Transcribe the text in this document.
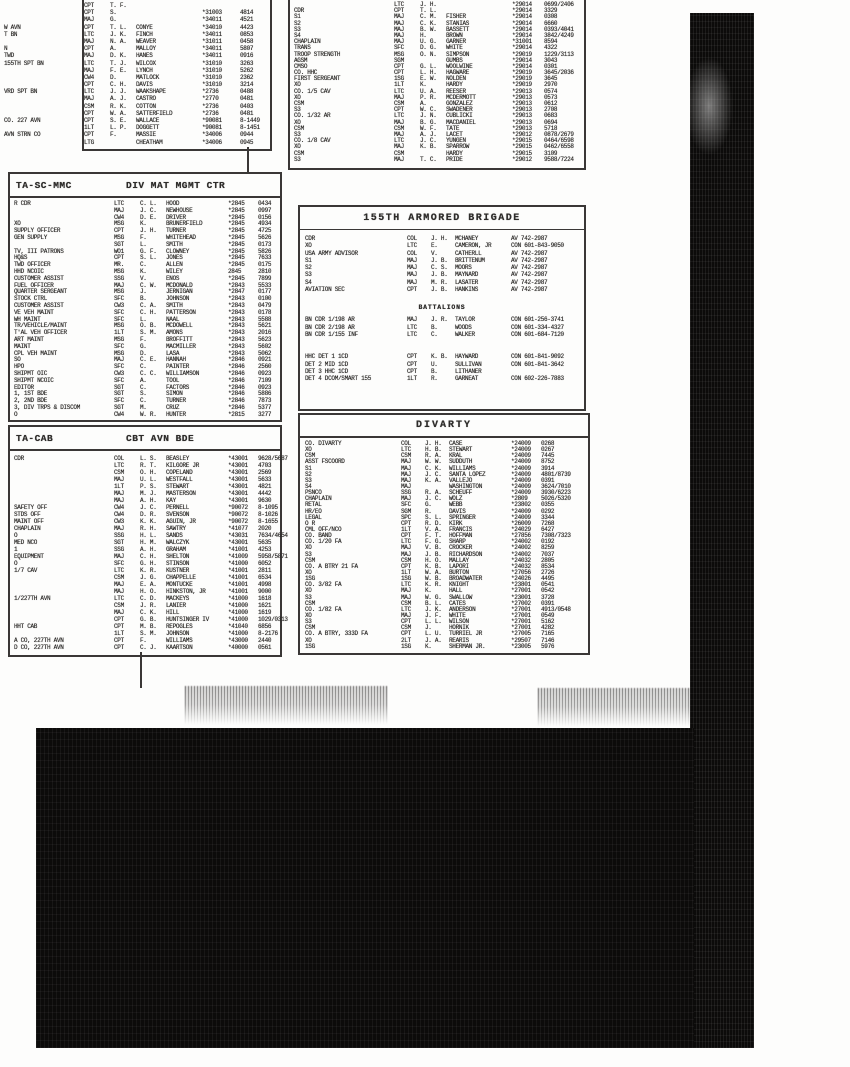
CPT	T. F.
CPT	S.	*31003	4814
MAJ	G.	*34011	4521
W AVN	CPT	T. L.	CONYE	*34010	4423
T BN	LTC	J. K.	FINCH	*34011	0853
MAJ	N. A.	WEAVER	*31011	0458
N	CPT	A.	MALLOY	*34011	5807
TWD	MAJ	D. K.	HANES	*34011	0916
155TH SPT BN	LTC	T. J.	WILCOX	*31010	3263
MAJ	F. E.	LYNCH	*31010	5262
CW4	D.	MATLOCK	*31010	2362
CPT	C. H.	DAVIS	*31010	3214
VRD SPT BN	LTC	J. J.	WAAKSHAPE	*2736	0488
MAJ	A. J.	CASTRO	*2770	0481
CSM	R. K.	COTTON	*2736	0403
CPT	W. A.	SATTERFIELD	*2736	0481
CO. 227 AVN	CPT	S. E.	WALLACE	*90081	8-1449
1LT	L. P.	DOGGETT	*90081	8-1451
AVN STRN CO	CPT	F.	MASSIE	*34006	0944
LTG	CHEATHAM	*34006	0945
LTC	J. H.	*29014	0699/2406
CDR	CPT	T. L.	*29014	3329
S1	MAJ	C. M.	FISHER	*29014	0308
S2	MAJ	C. K.	STANIAS	*29014	6660
S3	MAJ	B. W.	BASSETT	*29014	0393/4041
S4	MAJ	H.	BROWN	*29014	3842/4249
CHAPLAIN	MAJ	U. G.	GARNER	*31001	8594
TRANS	SFC	D. G.	WHITE	*29014	4322
TROOP STRENGTH	MSG	O. N.	SIMPSON	*29019	1229/3113
AGSM	SGM	GUMBS	*29014	3043
CMSO	CPT	G. L.	WOOLWINE	*29014	0301
CO. HHC	CPT	L. H.	HAGWARE	*29019	3645/2036
FIRST SERGEANT	1SG	E. W.	NOLDEN	*29019	3645
XO	1LT	K.	HARDY	*29019	2970
CO. 1/5 CAV	LTC	U. A.	REESER	*29013	0574
XO	MAJ	P. R.	MCDERMOTT	*29013	0573
CSM	CSM	A.	GONZALEZ	*29013	0612
S3	CPT	W. C.	SWADENER	*29013	2708
CO. 1/32 AR	LTC	J. N.	CUBLICKI	*29013	0683
XO	MAJ	B. G.	MACDANIEL	*29013	0694
CSM	CSM	W. F.	TATE	*29013	5718
S3	MAJ	A. J.	LACET	*29012	0878/2679
CO. 1/8 CAV	LTC	J. C.	YUNGEN	*29015	0464/6598
XO	MAJ	K. B.	SPARROW	*29015	0462/6558
CSM	CSM	HARDY	*29015	3109
S3	MAJ	T. C.	PRIDE	*29012	9588/7224
TA-SC-MMC	DIV MAT MGMT CTR
R CDR	LTC	C. L.	HOOD	*2845	0434
MAJ	J. C.	NEWHOUSE	*2845	0997
CW4	D. E.	DRIVER	*2845	0156
XO	MSG	K.	BRUNERFIELD	*2845	4934
SUPPLY OFFICER	CPT	J. H.	TURNER	*2845	4725
GEN SUPPLY	MSG	F.	WHITEHEAD	*2845	5626
SGT	L.	SMITH	*2845	0173
TV, III PATRONS	WO1	G. F.	CLOWNEY	*2845	5826
HQ&S	CPT	S. L.	JONES	*2845	7633
TWD OFFICER	MR.	C.	ALLEN	*2845	0175
HHD NCOIC	MSG	K.	WILEY	2845	2810
CUSTOMER ASSIST	SSG	V.	ENOS	*2845	7899
FUEL OFFICER	MAJ	C. W.	MCDONALD	*2843	5533
QUARTER SERGEANT	MSG	J.	JERNIGAN	*2847	0177
STOCK CTRL	SFC	B.	JOHNSON	*2843	0100
CUSTOMER ASSIST	CW3	C. A.	SMITH	*2843	0479
VE VEH MAINT	SFC	C. H.	PATTERSON	*2843	0178
WH MAINT	SFC	L.	NAAL	*2843	5588
TR/VEHICLE/MAINT	MSG	O. B.	MCDOWELL	*2843	5621
T'AL VEH OFFICER	1LT	S. M.	AMONS	*2843	2016
ART MAINT	MSG	F.	BROFFITT	*2843	5623
MAINT	SFC	G.	MACMILLER	*2843	5602
CPL VEH MAINT	MSG	D.	LASA	*2843	5062
SO	MAJ	C. E.	HANNAH	*2846	0921
HPO	SFC	C.	PAINTER	*2846	2560
SHIPMT OIC	CW3	C. C.	WILLIAMSON	*2846	0923
SHIPMT NCOIC	SFC	A.	TOOL	*2846	7109
EDITOR	SGT	C.	FACTORS	*2846	0923
1, 1ST BDE	SGT	S.	SIMON	*2846	5886
2, 2ND BDE	SFC	C.	TURNER	*2846	7873
3, DIV TRPS & DISCOM	SGT	M.	CRUZ	*2846	5377
O	CW4	W. R.	HUNTER	*2815	3277
TA-CAB	CBT AVN BDE
CDR	COL	L. S.	BEASLEY	*43001	9628/5687
LTC	R. T.	KILGORE JR	*43001	4703
CSM	O. H.	COPELAND	*43001	2569
MAJ	U. L.	WESTFALL	*43001	5633
1LT	P. S.	STEWART	*43001	4821
MAJ	M. J.	MASTERSON	*43001	4442
MAJ	A. H.	KAY	*43001	9630
SAFETY OFF	CW4	J. C.	PERNELL	*90072	8-1095
STDS OFF	CW4	D. R.	SVENSON	*90072	8-1026
MAINT OFF	CW3	K. K.	AGUIN, JR	*90072	8-1655
CHAPLAIN	MAJ	R. H.	SAWTRY	*41077	2020
O	SSG	H. L.	SANDS	*43031	7634/4654
MED NCO	SGT	H. M.	WALCZYK	*43001	5635
1	SSG	A. H.	GRAHAM	*41001	4253
EQUIPMENT	MAJ	C. H.	SHELTON	*41009	5958/5871
O	SFC	G. H.	STINSON	*41000	6052
1/7 CAV	LTC	K. R.	KUSTNER	*41001	2811
CSM	J. G.	CHAPPELLE	*41001	6534
MAJ	E. A.	MONTUCKE	*41001	4998
MAJ	H. O.	HINKSTON, JR	*41001	9000
1/227TH AVN	LTC	C. D.	MACKEYS	*41000	1618
CSM	J. R.	LANIER	*41000	1621
MAJ	C. K.	HILL	*41000	1619
CPT	G. B.	HUNTSINGER IV	*41000	1029/0313
HHT CAB	CPT	M. B.	REPOGLES	*41040	6856
1LT	S. M.	JOHNSON	*41000	8-2176
A CO, 227TH AVN	CPT	F.	WILLIAMS	*43000	2440
D CO, 227TH AVN	CPT	C. J.	KAARTSON	*40000	0561
155TH ARMORED BRIGADE
CDR	COL	J. H.	MCHANEY	AV 742-2987
XO	LTC	E.	CAMERON, JR	CON 601-843-9050
USA ARMY ADVISOR	COL	V.	CATHERLL	AV 742-2987
S1	MAJ	J. B.	BRITTENUM	AV 742-2987
S2	MAJ	C. S.	MOORS	AV 742-2987
S3	MAJ	J. B.	MAYNARD	AV 742-2987
S4	MAJ	M. R.	LASATER	AV 742-2987
AVIATION SEC	CPT	J. B.	HANKINS	AV 742-2987
BATTALIONS
BN CDR 1/198 AR	MAJ	J. R.	TAYLOR	CON 601-256-3741
BN CDR 2/198 AR	LTC	B.	WOODS	CON 601-334-4327
BN CDR 1/155 INF	LTC	C.	WALKER	CON 601-684-7120
HHC DET 1 1CD	CPT	K. B.	HAYWARD	CON 601-841-9092
DET 2 MID 1CD	CPT	U.	SULLIVAN	CON 601-841-3642
DET 3 HHC 1CD	CPT	B.	LITHANER
DET 4 DCOM/SMART 155	1LT	R.	GARNEAT	CON 602-226-7883
DIVARTY
CO. DIVARTY	COL	J. H.	CASE	*24009	0268
XO	LTC	H. B.	STEWART	*24009	0267
CSM	CSM	R. A.	KRAL	*24009	7445
ASST FSCOORD	MAJ	W. W.	SUDDUTH	*24009	8752
S1	MAJ	C. K.	WILLIAMS	*24009	3914
S2	MAJ	J. C.	SANTA LOPEZ	*24009	4801/8739
S3	MAJ	K. A.	VALLEJO	*24009	0391
S4	MAJ	WASHINGTON	*24009	3624/7010
PSNCO	SSG	R. A.	SCHEUFF	*24009	3930/6223
CHAPLAIN	MAJ	J. C.	WOLZ	*2809	5026/5320
RETAL	SFC	G.	WEBB	*23802	0355
HR/EO	SGM	R.	DAVIS	*24009	0292
LEGAL	SPC	S. L.	SPRINGER	*24009	3344
O R	CPT	R. D.	KIRK	*26009	7268
CML OFF/NCO	1LT	V. A.	FRANCIS	*24029	6427
CO. BAND	CPT	F. T.	HOFFMAN	*27856	7308/7323
CO. 1/20 FA	LTC	F. G.	SHARP	*24002	0192
XO	MAJ	V. B.	CROCKER	*24002	8259
S3	MAJ	J. B.	RICHARDSON	*24002	7037
CSM	CSM	H. O.	MALLAY	*24032	2805
CO. A BTRY 21 FA	CPT	K. B.	LAPORI	*24032	8534
XO	1LT	W. A.	BURTON	*27056	2726
1SG	1SG	W. B.	BROADWATER	*24026	4495
CO. 3/82 FA	LTC	K. R.	KNIGHT	*23801	0541
XO	MAJ	K.	HALL	*27001	0542
S3	MAJ	W. G.	SWALLOW	*23001	3728
CSM	CSM	B. L.	CATES	*27002	0391
CO. 1/82 FA	LTC	J. K.	ANDERSON	*27001	4913/0548
XO	MAJ	J. F.	WHITE	*27001	0549
S3	CPT	L. L.	WILSON	*27001	5162
CSM	CSM	J.	HORNIK	*27001	4282
CO. A BTRY, 333D FA	CPT	L. U.	TURRIEL JR	*27005	7165
XO	2LT	J. A.	REARIS	*29507	7146
1SG	1SG	K.	SHERMAN JR.	*23005	5976
